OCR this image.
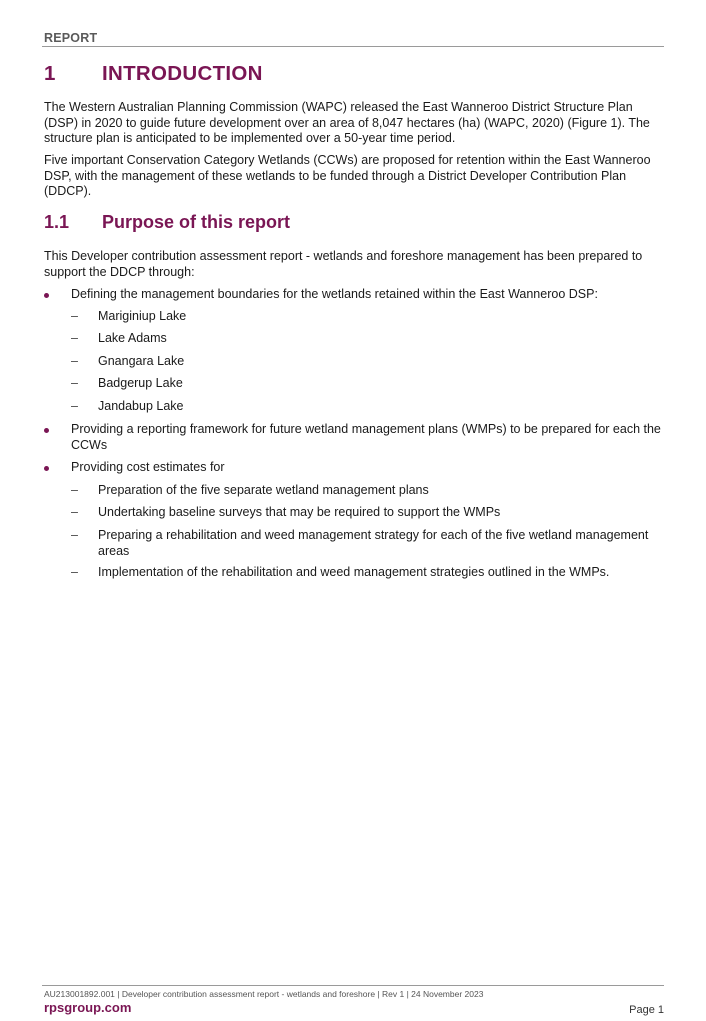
REPORT
1 INTRODUCTION

The Western Australian Planning Commission (WAPC) released the East Wanneroo District Structure Plan (DSP) in 2020 to guide future development over an area of 8,047 hectares (ha) (WAPC, 2020) (Figure 1). The structure plan is anticipated to be implemented over a 50-year time period.

Five important Conservation Category Wetlands (CCWs) are proposed for retention within the East Wanneroo DSP, with the management of these wetlands to be funded through a District Developer Contribution Plan (DDCP).

1.1 Purpose of this report

This Developer contribution assessment report - wetlands and foreshore management has been prepared to support the DDCP through:

Defining the management boundaries for the wetlands retained within the East Wanneroo DSP:
– Mariginiup Lake
– Lake Adams
– Gnangara Lake
– Badgerup Lake
– Jandabup Lake
Providing a reporting framework for future wetland management plans (WMPs) to be prepared for each the CCWs
Providing cost estimates for
– Preparation of the five separate wetland management plans
– Undertaking baseline surveys that may be required to support the WMPs
– Preparing a rehabilitation and weed management strategy for each of the five wetland management areas
– Implementation of the rehabilitation and weed management strategies outlined in the WMPs.
AU213001892.001 | Developer contribution assessment report - wetlands and foreshore | Rev 1 | 24 November 2023
rpsgroup.com	Page 1
